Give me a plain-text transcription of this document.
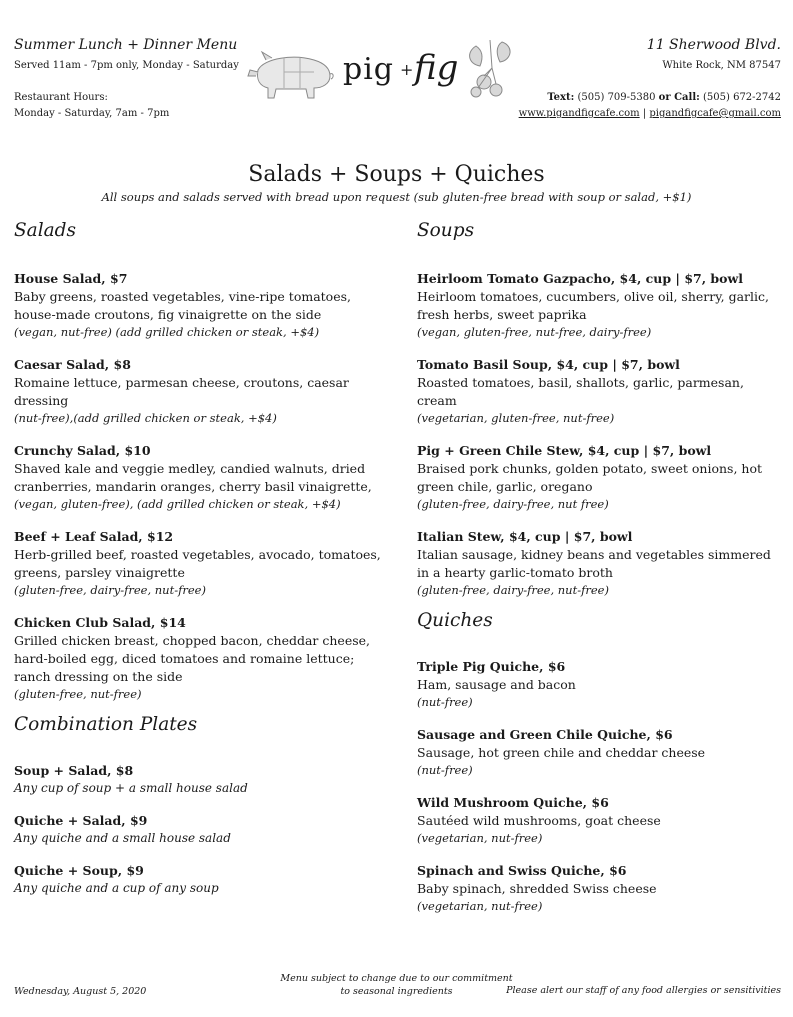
Summer Lunch + Dinner Menu
Served 11am - 7pm only, Monday - Saturday
Restaurant Hours:
Monday - Saturday, 7am - 7pm
pig + fig
11 Sherwood Blvd.
White Rock, NM 87547
Text: (505) 709-5380 or Call: (505) 672-2742
www.pigandfigcafe.com | pigandfigcafe@gmail.com
Salads + Soups + Quiches
All soups and salads served with bread upon request (sub gluten-free bread with soup or salad, +$1)
Salads
House Salad, $7
Baby greens, roasted vegetables, vine-ripe tomatoes, house-made croutons, fig vinaigrette on the side
(vegan, nut-free) (add grilled chicken or steak, +$4)
Caesar Salad, $8
Romaine lettuce, parmesan cheese, croutons, caesar dressing
(nut-free),(add grilled chicken or steak, +$4)
Crunchy Salad, $10
Shaved kale and veggie medley, candied walnuts, dried cranberries, mandarin oranges, cherry basil vinaigrette,
(vegan, gluten-free), (add grilled chicken or steak, +$4)
Beef + Leaf Salad, $12
Herb-grilled beef, roasted vegetables, avocado, tomatoes, greens, parsley vinaigrette
(gluten-free, dairy-free, nut-free)
Chicken Club Salad, $14
Grilled chicken breast, chopped bacon, cheddar cheese, hard-boiled egg, diced tomatoes and romaine lettuce; ranch dressing on the side
(gluten-free, nut-free)
Combination Plates
Soup + Salad, $8
Any cup of soup + a small house salad
Quiche + Salad, $9
Any quiche and a small house salad
Quiche + Soup, $9
Any quiche and a cup of any soup
Soups
Heirloom Tomato Gazpacho, $4, cup | $7, bowl
Heirloom tomatoes, cucumbers, olive oil, sherry, garlic, fresh herbs, sweet paprika
(vegan, gluten-free, nut-free, dairy-free)
Tomato Basil Soup, $4, cup | $7, bowl
Roasted tomatoes, basil, shallots, garlic, parmesan, cream
(vegetarian, gluten-free, nut-free)
Pig + Green Chile Stew, $4, cup | $7, bowl
Braised pork chunks, golden potato, sweet onions, hot green chile, garlic, oregano
(gluten-free, dairy-free, nut free)
Italian Stew, $4, cup | $7, bowl
Italian sausage, kidney beans and vegetables simmered in a hearty garlic-tomato broth
(gluten-free, dairy-free, nut-free)
Quiches
Triple Pig Quiche, $6
Ham, sausage and bacon
(nut-free)
Sausage and Green Chile Quiche, $6
Sausage, hot green chile and cheddar cheese
(nut-free)
Wild Mushroom Quiche, $6
Sautéed wild mushrooms, goat cheese
(vegetarian, nut-free)
Spinach and Swiss Quiche, $6
Baby spinach, shredded Swiss cheese
(vegetarian, nut-free)
Wednesday, August 5, 2020
Menu subject to change due to our commitment
to seasonal ingredients	Please alert our staff of any food allergies or sensitivities
